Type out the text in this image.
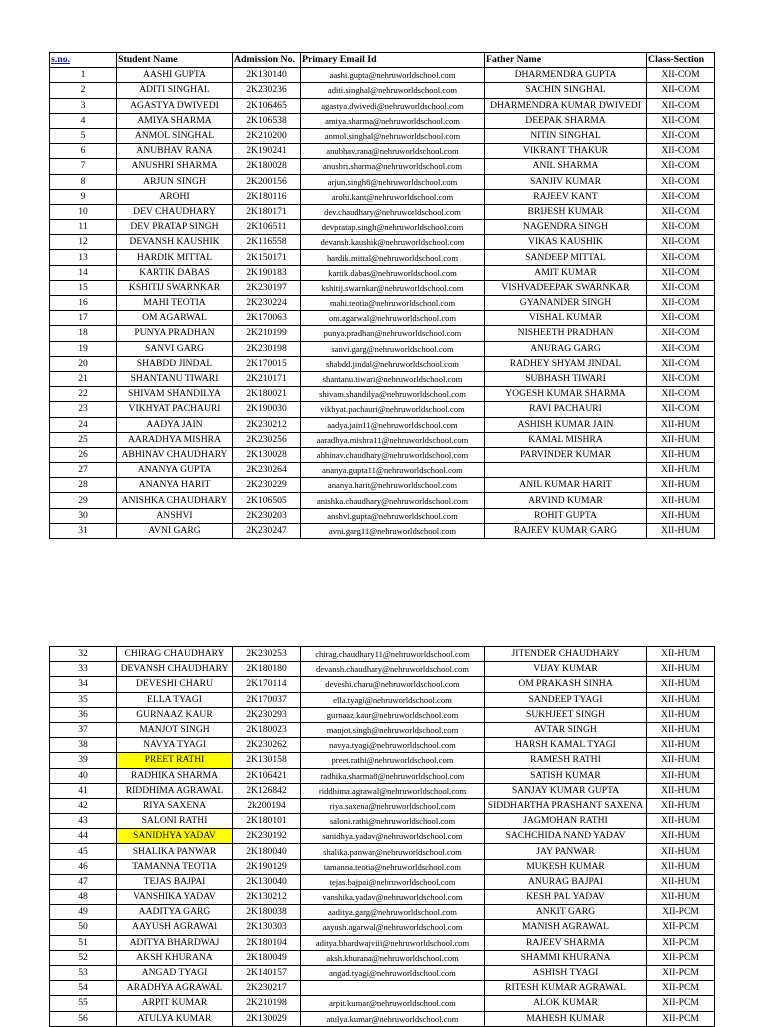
s.no.	Student Name	Admission No.	Primary Email Id	Father Name	Class-Section
1	AASHI GUPTA	2K130140	aashi.gupta@nehruworldschool.com	DHARMENDRA GUPTA	XII-COM
2	ADITI SINGHAL	2K230236	aditi.singhal@nehruworldschool.com	SACHIN SINGHAL	XII-COM
3	AGASTYA DWIVEDI	2K106465	agastya.dwivedi@nehruworldschool.com	DHARMENDRA KUMAR DWIVEDI	XII-COM
4	AMIYA SHARMA	2K106538	amiya.sharma@nehruworldschool.com	DEEPAK SHARMA	XII-COM
5	ANMOL SINGHAL	2K210200	anmol.singhal@nehruworldschool.com	NITIN SINGHAL	XII-COM
6	ANUBHAV RANA	2K190241	anubhav.rana@nehruworldschool.com	VIKRANT THAKUR	XII-COM
7	ANUSHRI SHARMA	2K180028	anushri.sharma@nehruworldschool.com	ANIL SHARMA	XII-COM
8	ARJUN SINGH	2K200156	arjun.singh8@nehruworldschool.com	SANJIV KUMAR	XII-COM
9	AROHI	2K180116	arohi.kant@nehruworldschool.com	RAJEEV KANT	XII-COM
10	DEV CHAUDHARY	2K180171	dev.chaudhary@nehruworldschool.com	BRIJESH KUMAR	XII-COM
11	DEV PRATAP SINGH	2K106511	devpratap.singh@nehruworldschool.com	NAGENDRA SINGH	XII-COM
12	DEVANSH KAUSHIK	2K116558	devansh.kaushik@nehruworldschool.com	VIKAS KAUSHIK	XII-COM
13	HARDIK MITTAL	2K150171	hardik.mittal@nehruworldschool.com	SANDEEP MITTAL	XII-COM
14	KARTIK DABAS	2K190183	kartik.dabas@nehruworldschool.com	AMIT KUMAR	XII-COM
15	KSHITIJ SWARNKAR	2K230197	kshitij.swarnkar@nehruworldschool.com	VISHVADEEPAK SWARNKAR	XII-COM
16	MAHI TEOTIA	2K230224	mahi.teotia@nehruworldschool.com	GYANANDER SINGH	XII-COM
17	OM AGARWAL	2K170063	om.agarwal@nehruworldschool.com	VISHAL KUMAR	XII-COM
18	PUNYA PRADHAN	2K210199	punya.pradhan@nehruworldschool.com	NISHEETH PRADHAN	XII-COM
19	SANVI GARG	2K230198	sanvi.garg@nehruworldschool.com	ANURAG GARG	XII-COM
20	SHABDD JINDAL	2K170015	shabdd.jindal@nehruworldschool.com	RADHEY SHYAM JINDAL	XII-COM
21	SHANTANU TIWARI	2K210171	shantanu.tiwari@nehruworldschool.com	SUBHASH TIWARI	XII-COM
22	SHIVAM SHANDILYA	2K180021	shivam.shandilya@nehruworldschool.com	YOGESH KUMAR SHARMA	XII-COM
23	VIKHYAT PACHAURI	2K190030	vikhyat.pachauri@nehruworldschool.com	RAVI PACHAURI	XII-COM
24	AADYA JAIN	2K230212	aadya.jain11@nehruworldschool.com	ASHISH KUMAR JAIN	XII-HUM
25	AARADHYA MISHRA	2K230256	aaradhya.mishra11@nehruworldschool.com	KAMAL MISHRA	XII-HUM
26	ABHINAV CHAUDHARY	2K130028	abhinav.chaudhary@nehruworldschool.com	PARVINDER KUMAR	XII-HUM
27	ANANYA GUPTA	2K230264	ananya.gupta11@nehruworldschool.com		XII-HUM
28	ANANYA HARIT	2K230229	ananya.harit@nehruworldschool.com	ANIL KUMAR HARIT	XII-HUM
29	ANISHKA CHAUDHARY	2K106505	anishka.chaudhary@nehruworldschool.com	ARVIND KUMAR	XII-HUM
30	ANSHVI	2K230203	anshvi.gupta@nehruworldschool.com	ROHIT GUPTA	XII-HUM
31	AVNI GARG	2K230247	avni.garg11@nehruworldschool.com	RAJEEV KUMAR GARG	XII-HUM
32	CHIRAG CHAUDHARY	2K230253	chirag.chaudhary11@nehruworldschool.com	JITENDER CHAUDHARY	XII-HUM
33	DEVANSH CHAUDHARY	2K180180	devansh.chaudhary@nehruworldschool.com	VIJAY KUMAR	XII-HUM
34	DEVESHI CHARU	2K170114	deveshi.charu@nehruworldschool.com	OM PRAKASH SINHA	XII-HUM
35	ELLA TYAGI	2K170037	ella.tyagi@nehruworldschool.com	SANDEEP TYAGI	XII-HUM
36	GURNAAZ KAUR	2K230293	gurnaaz.kaur@nehruworldschool.com	SUKHJEET SINGH	XII-HUM
37	MANJOT SINGH	2K180023	manjot.singh@nehruworldschool.com	AVTAR SINGH	XII-HUM
38	NAVYA TYAGI	2K230262	navya.tyagi@nehruworldschool.com	HARSH KAMAL TYAGI	XII-HUM
39	PREET RATHI	2K130158	preet.rathi@nehruworldschool.com	RAMESH RATHI	XII-HUM
40	RADHIKA SHARMA	2K106421	radhika.sharma8@nehruworldschool.com	SATISH KUMAR	XII-HUM
41	RIDDHIMA AGRAWAL	2K126842	riddhima.agrawal@nehruworldschool.com	SANJAY KUMAR GUPTA	XII-HUM
42	RIYA SAXENA	2k200194	riya.saxena@nehruworldschool.com	SIDDHARTHA PRASHANT SAXENA	XII-HUM
43	SALONI RATHI	2K180101	saloni.rathi@nehruworldschool.com	JAGMOHAN RATHI	XII-HUM
44	SANIDHYA YADAV	2K230192	sanidhya.yadav@nehruworldschool.com	SACHCHIDA NAND YADAV	XII-HUM
45	SHALIKA PANWAR	2K180040	shalika.panwar@nehruworldschool.com	JAY PANWAR	XII-HUM
46	TAMANNA TEOTIA	2K190129	tamanna.teotia@nehruworldschool.com	MUKESH KUMAR	XII-HUM
47	TEJAS BAJPAI	2K130040	tejas.bajpai@nehruworldschool.com	ANURAG BAJPAI	XII-HUM
48	VANSHIKA YADAV	2K130212	vanshika.yadav@nehruworldschool.com	KESH PAL YADAV	XII-HUM
49	AADITYA GARG	2K180038	aaditya.garg@nehruworldschool.com	ANKIT GARG	XII-PCM
50	AAYUSH AGRAWAl	2K130303	aayush.agarwal@nehruworldschool.com	MANISH AGRAWAL	XII-PCM
51	ADITYA BHARDWAJ	2K180104	aditya.bhardwajviii@nehruworldschool.com	RAJEEV SHARMA	XII-PCM
52	AKSH KHURANA	2K180049	aksh.khurana@nehruworldschool.com	SHAMMI KHURANA	XII-PCM
53	ANGAD TYAGI	2K140157	angad.tyagi@nehruworldschool.com	ASHISH TYAGI	XII-PCM
54	ARADHYA AGRAWAL	2K230217		RITESH KUMAR AGRAWAL	XII-PCM
55	ARPIT KUMAR	2K210198	arpit.kumar@nehruworldschool.com	ALOK KUMAR	XII-PCM
56	ATULYA KUMAR	2K130029	atulya.kumar@nehruworldschool.com	MAHESH KUMAR	XII-PCM
